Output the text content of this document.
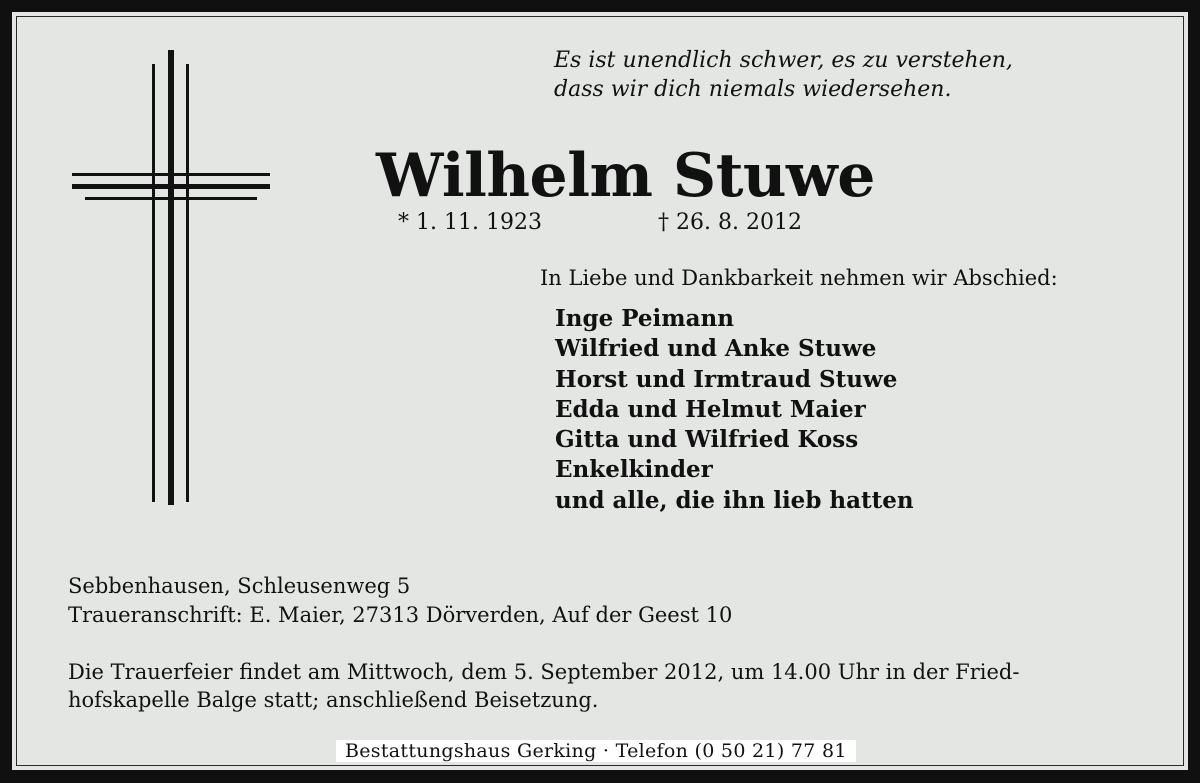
Es ist unendlich schwer, es zu verstehen,
dass wir dich niemals wiedersehen.
Wilhelm Stuwe
* 1. 11. 1923	† 26. 8. 2012
In Liebe und Dankbarkeit nehmen wir Abschied:
Inge Peimann
Wilfried und Anke Stuwe
Horst und Irmtraud Stuwe
Edda und Helmut Maier
Gitta und Wilfried Koss
Enkelkinder
und alle, die ihn lieb hatten
Sebbenhausen, Schleusenweg 5
Traueranschrift: E. Maier, 27313 Dörverden, Auf der Geest 10
Die Trauerfeier findet am Mittwoch, dem 5. September 2012, um 14.00 Uhr in der Fried-
hofskapelle Balge statt; anschließend Beisetzung.
Bestattungshaus Gerking · Telefon (0 50 21) 77 81
